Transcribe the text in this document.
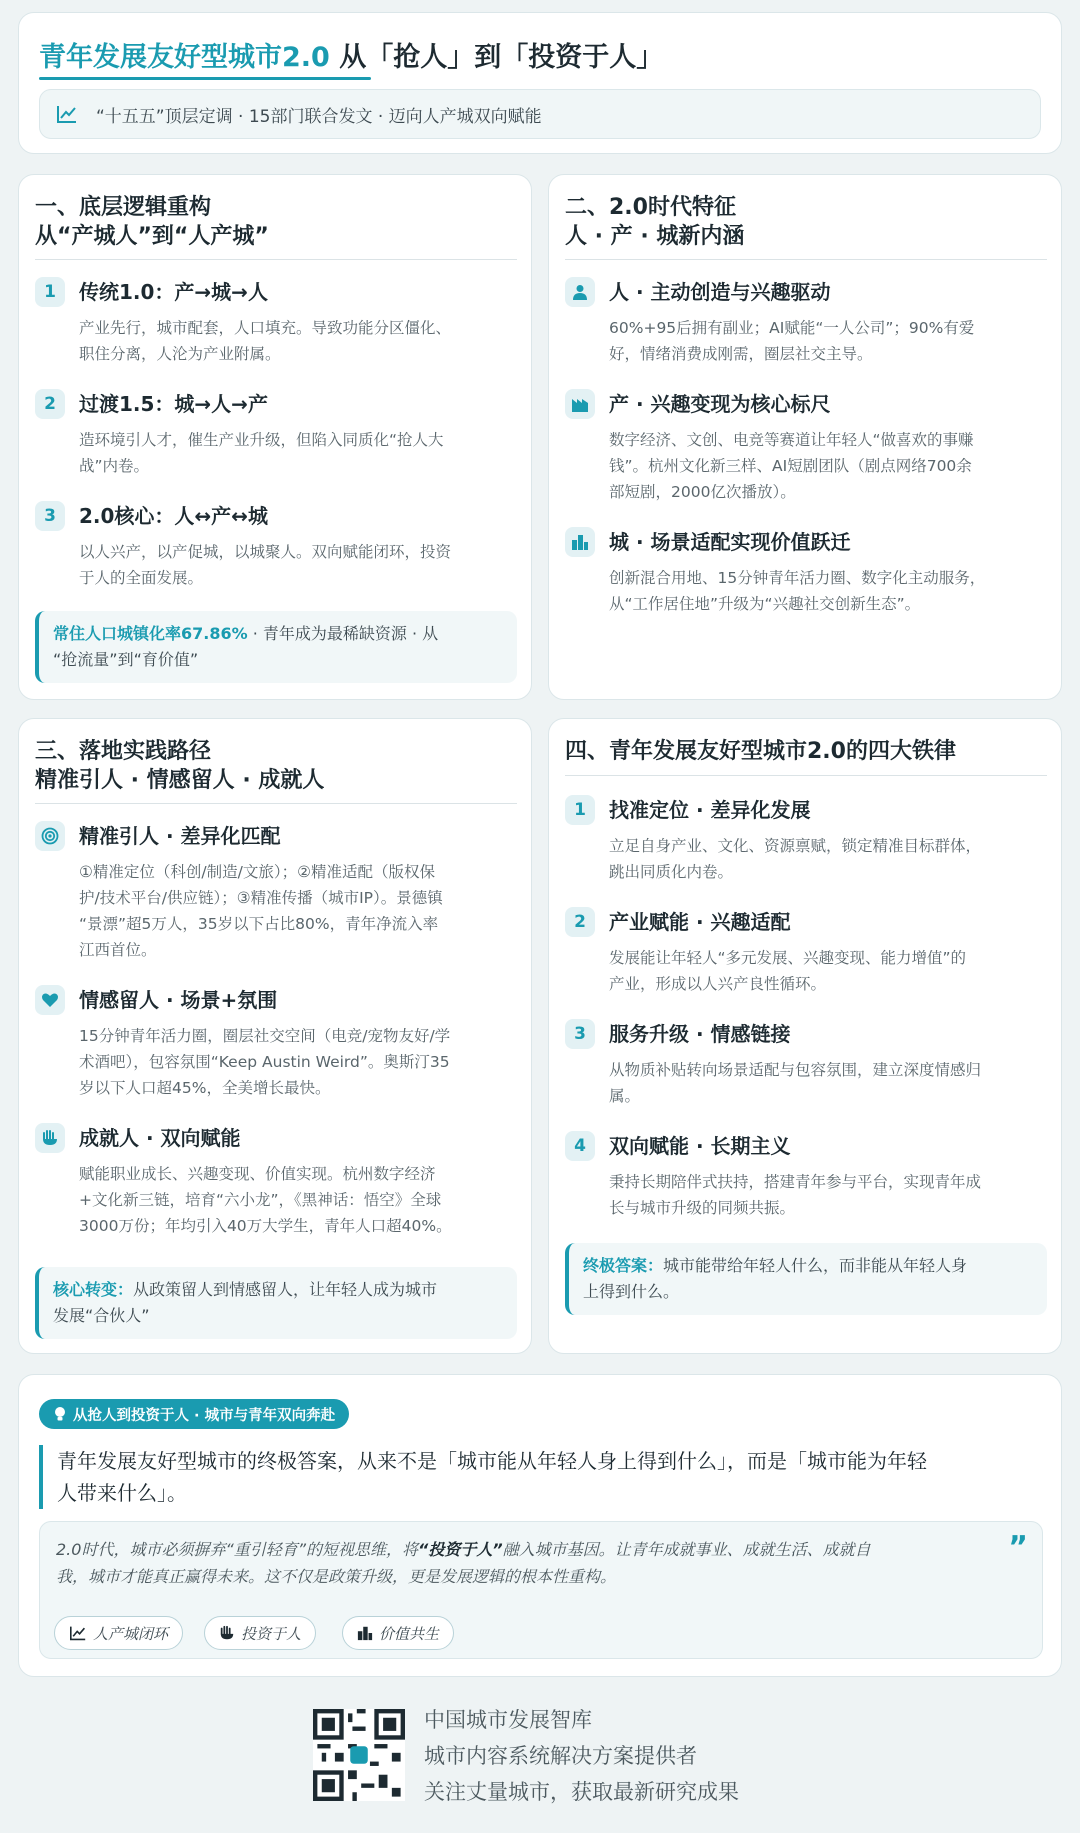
青年发展友好型城市2.0 从「抢人」到「投资于人」
“十五五”顶层定调 · 15部门联合发文 · 迈向人产城双向赋能
一、底层逻辑重构
从“产城人”到“人产城”
1	传统1.0：产→城→人
产业先行，城市配套，人口填充。导致功能分区僵化、
职住分离，人沦为产业附属。
2	过渡1.5：城→人→产
造环境引人才，催生产业升级，但陷入同质化“抢人大
战”内卷。
3	2.0核心：人↔产↔城
以人兴产，以产促城，以城聚人。双向赋能闭环，投资
于人的全面发展。
常住人口城镇化率67.86% · 青年成为最稀缺资源 · 从
“抢流量”到“育价值”
二、2.0时代特征
人 · 产 · 城新内涵
人 · 主动创造与兴趣驱动
60%+95后拥有副业；AI赋能“一人公司”；90%有爱
好，情绪消费成刚需，圈层社交主导。
产 · 兴趣变现为核心标尺
数字经济、文创、电竞等赛道让年轻人“做喜欢的事赚
钱”。杭州文化新三样、AI短剧团队（剧点网络700余
部短剧，2000亿次播放）。
城 · 场景适配实现价值跃迁
创新混合用地、15分钟青年活力圈、数字化主动服务，
从“工作居住地”升级为“兴趣社交创新生态”。
三、落地实践路径
精准引人 · 情感留人 · 成就人
精准引人 · 差异化匹配
①精准定位（科创/制造/文旅）；②精准适配（版权保
护/技术平台/供应链）；③精准传播（城市IP）。景德镇
“景漂”超5万人，35岁以下占比80%，青年净流入率
江西首位。
情感留人 · 场景+氛围
15分钟青年活力圈，圈层社交空间（电竞/宠物友好/学
术酒吧），包容氛围“Keep Austin Weird”。奥斯汀35
岁以下人口超45%，全美增长最快。
成就人 · 双向赋能
赋能职业成长、兴趣变现、价值实现。杭州数字经济
+文化新三链，培育“六小龙”，《黑神话：悟空》全球
3000万份；年均引入40万大学生，青年人口超40%。
核心转变：从政策留人到情感留人，让年轻人成为城市
发展“合伙人”
四、青年发展友好型城市2.0的四大铁律
1	找准定位 · 差异化发展
立足自身产业、文化、资源禀赋，锁定精准目标群体，
跳出同质化内卷。
2	产业赋能 · 兴趣适配
发展能让年轻人“多元发展、兴趣变现、能力增值”的
产业，形成以人兴产良性循环。
3	服务升级 · 情感链接
从物质补贴转向场景适配与包容氛围，建立深度情感归
属。
4	双向赋能 · 长期主义
秉持长期陪伴式扶持，搭建青年参与平台，实现青年成
长与城市升级的同频共振。
终极答案：城市能带给年轻人什么，而非能从年轻人身
上得到什么。
从抢人到投资于人 · 城市与青年双向奔赴
青年发展友好型城市的终极答案，从来不是「城市能从年轻人身上得到什么」，而是「城市能为年轻
人带来什么」。
2.0时代，城市必须摒弃“重引轻育”的短视思维，将“投资于人”融入城市基因。让青年成就事业、成就生活、成就自
我，城市才能真正赢得未来。这不仅是政策升级，更是发展逻辑的根本性重构。
”
人产城闭环	投资于人	价值共生
中国城市发展智库
城市内容系统解决方案提供者
关注丈量城市，获取最新研究成果
